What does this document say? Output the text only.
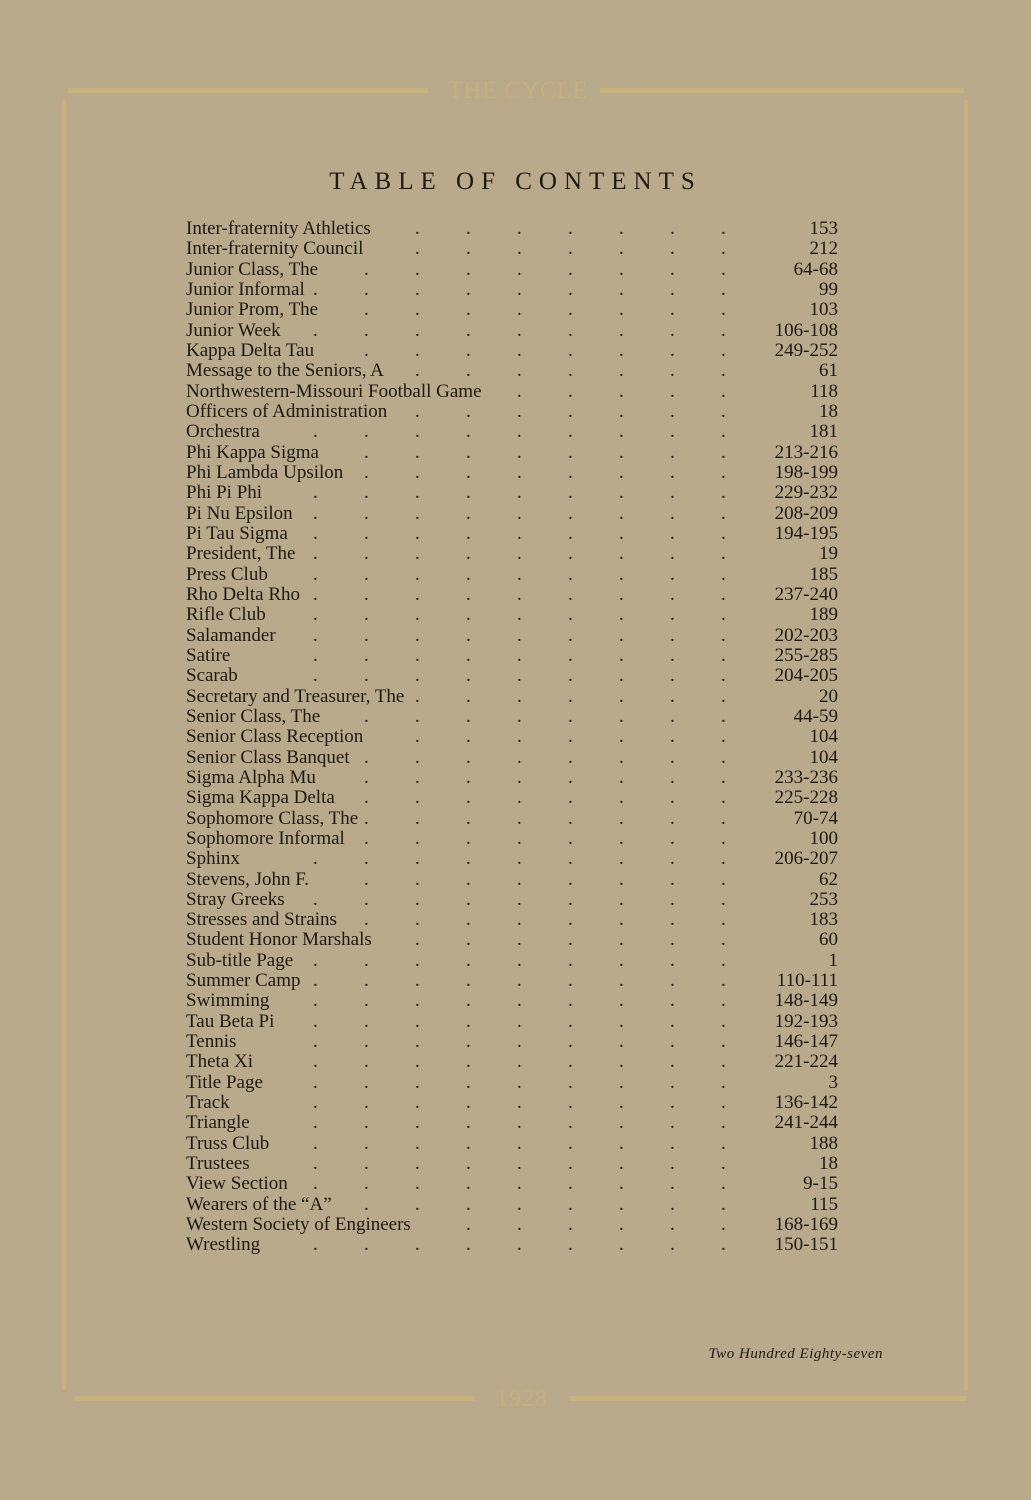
THE CYCLE
1928
TABLE OF CONTENTS
Inter-fraternity Athletics	153
. . . . . . .
Inter-fraternity Council	212
. . . . . . .
Junior Class, The	64-68
. . . . . . . .
Junior Informal	99
. . . . . . . . .
Junior Prom, The	103
. . . . . . . .
Junior Week	106-108
. . . . . . . . .
Kappa Delta Tau	249-252
. . . . . . . .
Message to the Seniors, A	61
. . . . . . .
Northwestern-Missouri Football Game	118
. . . . .
Officers of Administration	18
. . . . . . .
Orchestra	181
. . . . . . . . .
Phi Kappa Sigma	213-216
. . . . . . . .
Phi Lambda Upsilon	198-199
. . . . . . . .
Phi Pi Phi	229-232
. . . . . . . . .
Pi Nu Epsilon	208-209
. . . . . . . . .
Pi Tau Sigma	194-195
. . . . . . . . .
President, The	19
. . . . . . . . .
Press Club	185
. . . . . . . . .
Rho Delta Rho	237-240
. . . . . . . . .
Rifle Club	189
. . . . . . . . .
Salamander	202-203
. . . . . . . . .
Satire	255-285
. . . . . . . . .
Scarab	204-205
. . . . . . . . .
Secretary and Treasurer, The	20
. . . . . . .
Senior Class, The	44-59
. . . . . . . .
Senior Class Reception	104
. . . . . . .
Senior Class Banquet	104
. . . . . . . .
Sigma Alpha Mu	233-236
. . . . . . . .
Sigma Kappa Delta	225-228
. . . . . . . .
Sophomore Class, The	70-74
. . . . . . . .
Sophomore Informal	100
. . . . . . . .
Sphinx	206-207
. . . . . . . . .
Stevens, John F.	62
. . . . . . . .
Stray Greeks	253
. . . . . . . . .
Stresses and Strains	183
. . . . . . . .
Student Honor Marshals	60
. . . . . . .
Sub-title Page	1
. . . . . . . . .
Summer Camp	110-111
. . . . . . . . .
Swimming	148-149
. . . . . . . . .
Tau Beta Pi	192-193
. . . . . . . . .
Tennis	146-147
. . . . . . . . .
Theta Xi	221-224
. . . . . . . . .
Title Page	3
. . . . . . . . .
Track	136-142
. . . . . . . . .
Triangle	241-244
. . . . . . . . .
Truss Club	188
. . . . . . . . .
Trustees	18
. . . . . . . . .
View Section	9-15
. . . . . . . . .
Wearers of the “A”	115
. . . . . . . .
Western Society of Engineers	168-169
. . . . . .
Wrestling	150-151
. . . . . . . . .
Two Hundred Eighty-seven
